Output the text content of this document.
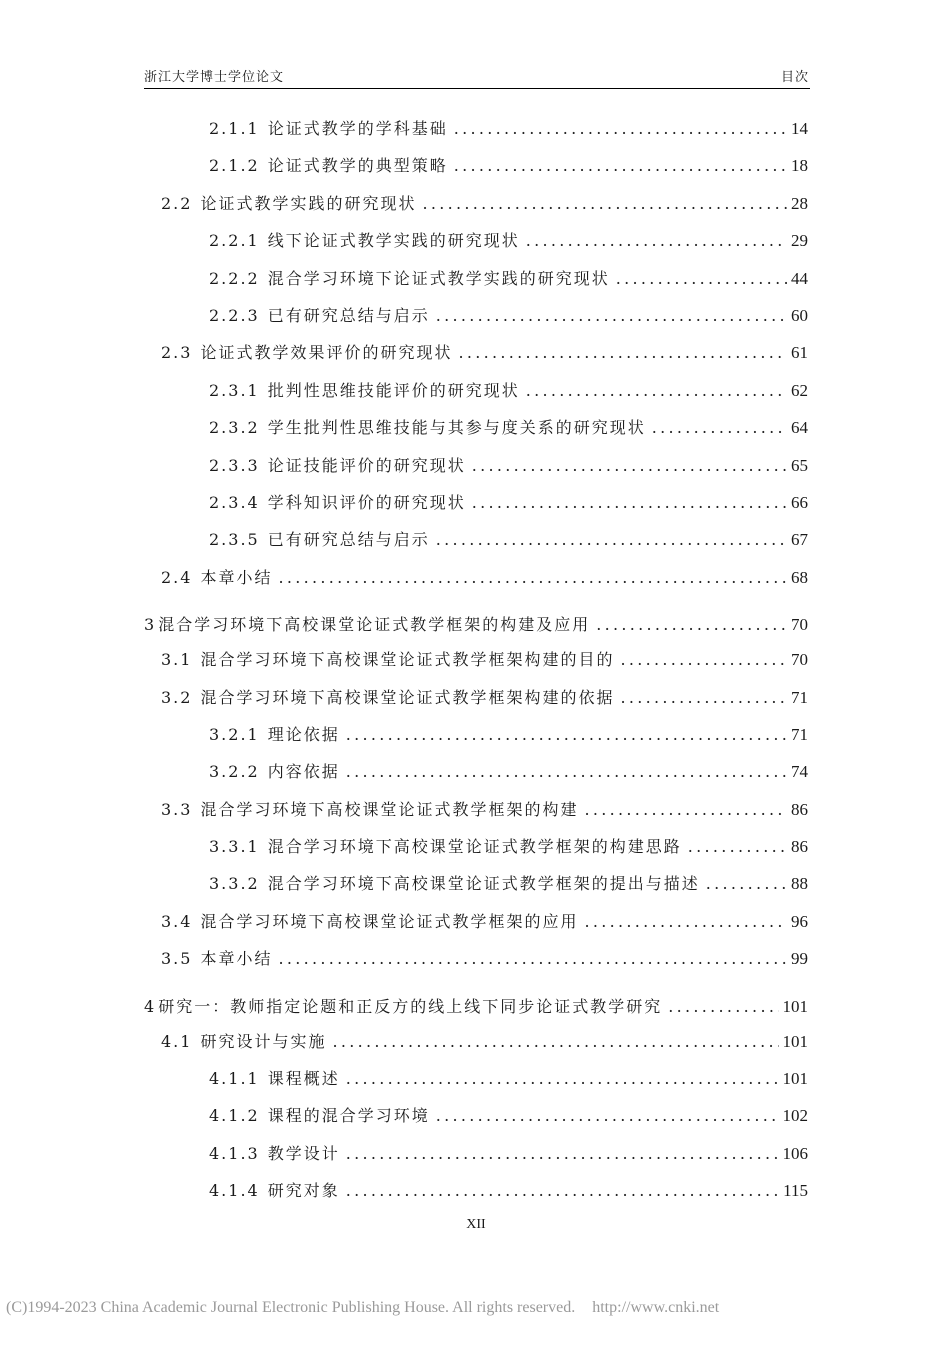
浙江大学博士学位论文	目次
2.1.1 论证式教学的学科基础 .....	14
2.1.2 论证式教学的典型策略 .....	18
2.2 论证式教学实践的研究现状 .....	28
2.2.1 线下论证式教学实践的研究现状 .....	29
2.2.2 混合学习环境下论证式教学实践的研究现状 .....	44
2.2.3 已有研究总结与启示 .....	60
2.3 论证式教学效果评价的研究现状 .....	61
2.3.1 批判性思维技能评价的研究现状 .....	62
2.3.2 学生批判性思维技能与其参与度关系的研究现状 .....	64
2.3.3 论证技能评价的研究现状 .....	65
2.3.4 学科知识评价的研究现状 .....	66
2.3.5 已有研究总结与启示 .....	67
2.4 本章小结 .....	68
3 混合学习环境下高校课堂论证式教学框架的构建及应用 .....	70
3.1 混合学习环境下高校课堂论证式教学框架构建的目的 .....	70
3.2 混合学习环境下高校课堂论证式教学框架构建的依据 .....	71
3.2.1 理论依据 .....	71
3.2.2 内容依据 .....	74
3.3 混合学习环境下高校课堂论证式教学框架的构建 .....	86
3.3.1 混合学习环境下高校课堂论证式教学框架的构建思路 .....	86
3.3.2 混合学习环境下高校课堂论证式教学框架的提出与描述 .....	88
3.4 混合学习环境下高校课堂论证式教学框架的应用 .....	96
3.5 本章小结 .....	99
4 研究一：教师指定论题和正反方的线上线下同步论证式教学研究 .....	101
4.1 研究设计与实施 .....	101
4.1.1 课程概述 .....	101
4.1.2 课程的混合学习环境 .....	102
4.1.3 教学设计 .....	106
4.1.4 研究对象 .....	115
XII
(C)1994-2023 China Academic Journal Electronic Publishing House. All rights reserved. http://www.cnki.net
